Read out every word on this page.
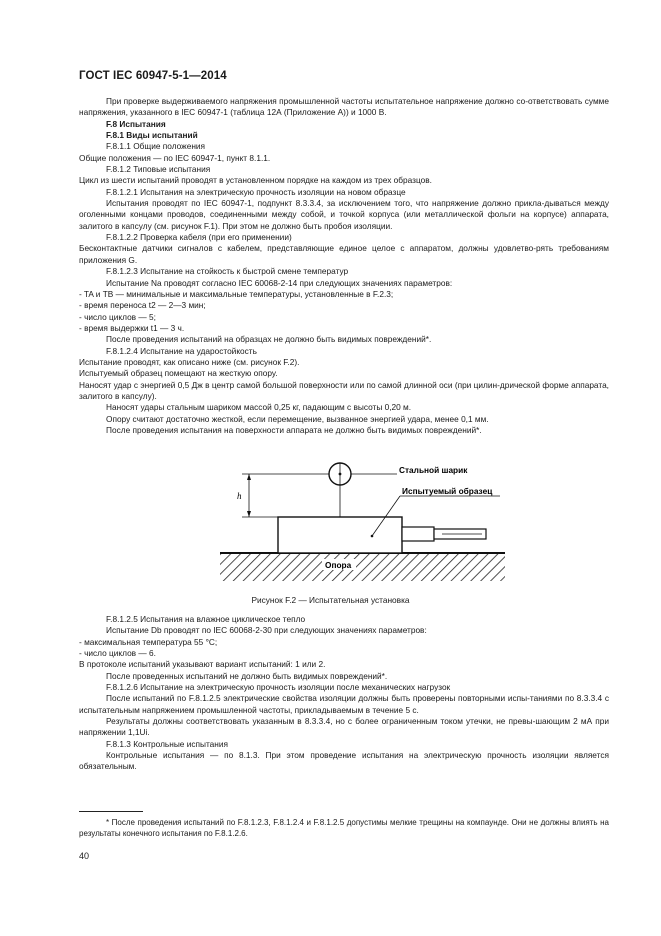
ГОСТ IEC 60947-5-1—2014

При проверке выдерживаемого напряжения промышленной частоты испытательное напряжение должно со-ответствовать сумме напряжения, указанного в IEC 60947-1 (таблица 12А (Приложение А)) и 1000 В.

F.8 Испытания

F.8.1 Виды испытаний

F.8.1.1 Общие положения

Общие положения — по IEC 60947-1, пункт 8.1.1.

F.8.1.2 Типовые испытания

Цикл из шести испытаний проводят в установленном порядке на каждом из трех образцов.

F.8.1.2.1 Испытания на электрическую прочность изоляции на новом образце

Испытания проводят по IEC 60947-1, подпункт 8.3.3.4, за исключением того, что напряжение должно прикла-дываться между оголенными концами проводов, соединенными между собой, и точкой корпуса (или металлической фольги на корпусе) аппарата, залитого в капсулу (см. рисунок F.1). При этом не должно быть пробоя изоляции.

F.8.1.2.2 Проверка кабеля (при его применении)

Бесконтактные датчики сигналов с кабелем, представляющие единое целое с аппаратом, должны удовлетво-рять требованиям приложения G.

F.8.1.2.3 Испытание на стойкость к быстрой смене температур

Испытание Na проводят согласно IEC 60068-2-14 при следующих значениях параметров:

- TA и TB — минимальные и максимальные температуры, установленные в F.2.3;

- время переноса t2 — 2—3 мин;

- число циклов — 5;

- время выдержки t1 — 3 ч.

После проведения испытаний на образцах не должно быть видимых повреждений*.

F.8.1.2.4 Испытание на ударостойкость

Испытание проводят, как описано ниже (см. рисунок F.2).

Испытуемый образец помещают на жесткую опору.

Наносят удар с энергией 0,5 Дж в центр самой большой поверхности или по самой длинной оси (при цилин-дрической форме аппарата, залитого в капсулу).

Наносят удары стальным шариком массой 0,25 кг, падающим с высоты 0,20 м.

Опору считают достаточно жесткой, если перемещение, вызванное энергией удара, менее 0,1 мм.

После проведения испытания на поверхности аппарата не должно быть видимых повреждений*.

h
Стальной шарик
Испытуемый образец
Опора
Рисунок F.2 — Испытательная установка

F.8.1.2.5 Испытания на влажное циклическое тепло

Испытание Db проводят по IEC 60068-2-30 при следующих значениях параметров:

- максимальная температура 55 °С;

- число циклов — 6.

В протоколе испытаний указывают вариант испытаний: 1 или 2.

После проведенных испытаний не должно быть видимых повреждений*.

F.8.1.2.6 Испытание на электрическую прочность изоляции после механических нагрузок

После испытаний по F.8.1.2.5 электрические свойства изоляции должны быть проверены повторными испы-таниями по 8.3.3.4 с испытательным напряжением промышленной частоты, прикладываемым в течение 5 с.

Результаты должны соответствовать указанным в 8.3.3.4, но с более ограниченным током утечки, не превы-шающим 2 мА при напряжении 1,1Ui.

F.8.1.3 Контрольные испытания

Контрольные испытания — по 8.1.3. При этом проведение испытания на электрическую прочность изоляции является обязательным.

* После проведения испытаний по F.8.1.2.3, F.8.1.2.4 и F.8.1.2.5 допустимы мелкие трещины на компаунде. Они не должны влиять на результаты конечного испытания по F.8.1.2.6.

40
